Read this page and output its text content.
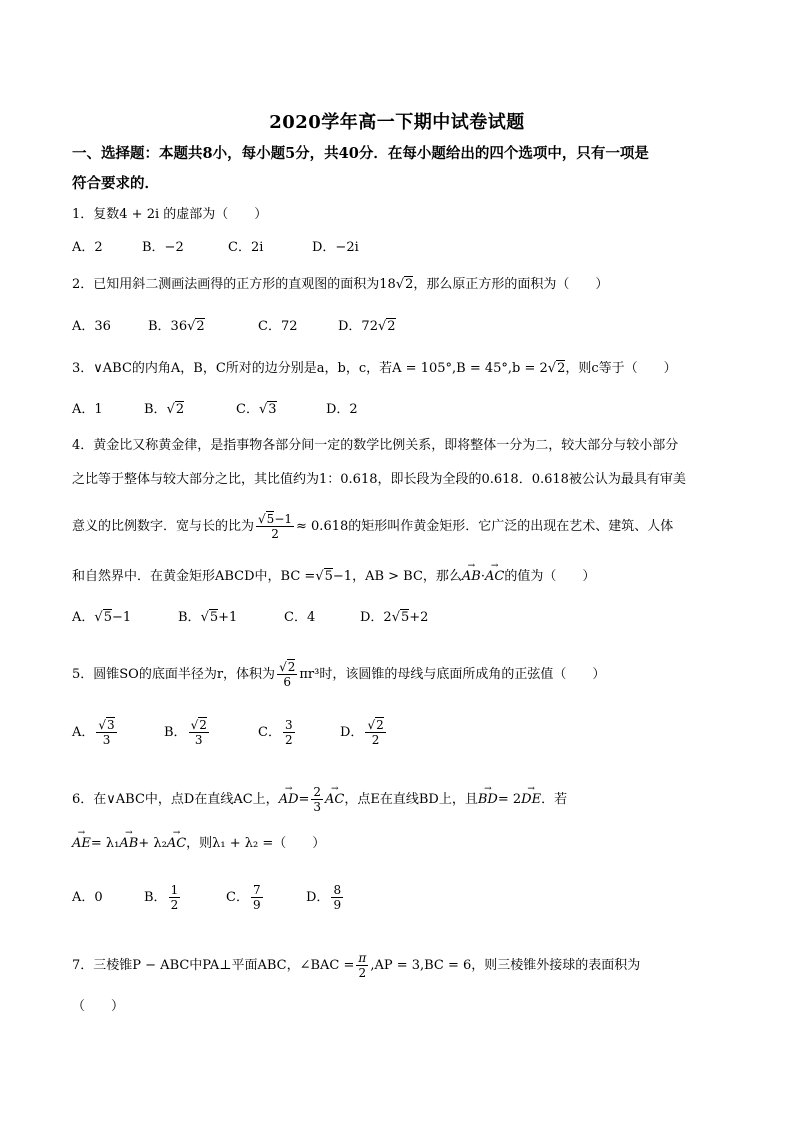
2020学年高一下期中试卷试题
一、选择题：本题共8小，每小题5分，共40分．在每小题给出的四个选项中，只有一项是
符合要求的．
1．复数4 + 2i 的虚部为（　　）
A．2	B．−2	C．2i	D．−2i
2．已知用斜二测画法画得的正方形的直观图的面积为18√2，那么原正方形的面积为（　　）
A．36	B．36√2	C．72	D．72√2
3．∨ABC的内角A，B，C所对的边分别是a，b，c，若A = 105°,B = 45°,b = 2√2，则c等于（　　）
A．1	B．√2	C．√3	D．2
4．黄金比又称黄金律，是指事物各部分间一定的数学比例关系，即将整体一分为二，较大部分与较小部分
之比等于整体与较大部分之比，其比值约为1：0.618，即长段为全段的0.618．0.618被公认为最具有审美
意义的比例数字．宽与长的比为 $\frac{√5-1}{2} \approx 0.618$的矩形叫作黄金矩形．它广泛的出现在艺术、建筑、人体
和自然界中．在黄金矩形ABCD中，BC =√5−1，AB > BC，那么→ AB·→ AC的值为（　　）
A．√5−1	B．√5+1	C．4	D．2√5+2
5．圆锥SO的底面半径为r，体积为 $\frac{√2}{6} \pi r^3$时，该圆锥的母线与底面所成角的正弦值（　　）
A． $\frac{√3}{3}$	B． $\frac{√2}{3}$	C． $\frac{3}{2}$	D． $\frac{√2}{2}$
6．在∨ABC中，点D在直线AC上，→ $AD= \frac{2}{3}$
→ AC，点E在直线BD上，且→ BD= 2→ DE．若
→ AE= λ₁→ AB+ λ₂→ AC，则λ₁ + λ₂ =（　　）
A．0	B． $\frac{1}{2}$	C． $\frac{7}{9}$	D． $\frac{8}{9}$
7．三棱锥P − ABC中PA⊥平面ABC，∠BAC = $\frac{\pi}{2} ,AP = 3,BC = 6$，则三棱锥外接球的表面积为
（　　）
